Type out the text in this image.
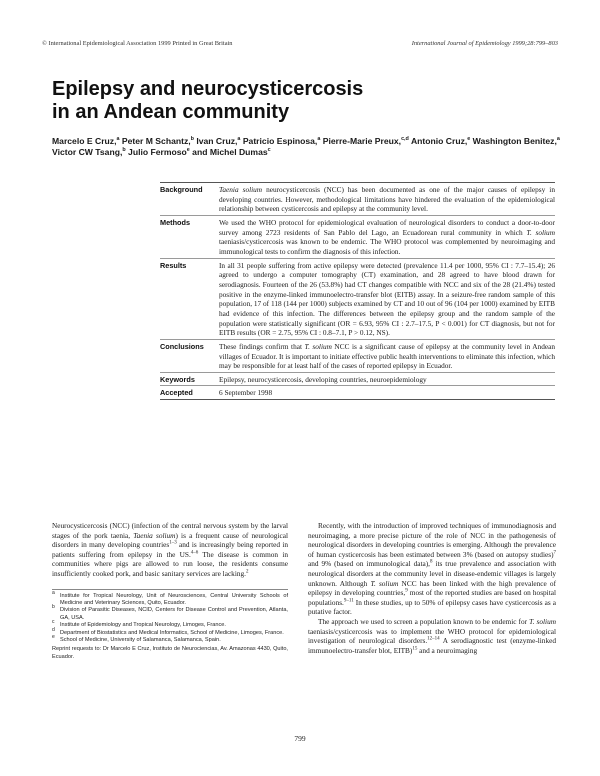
© International Epidemiological Association 1999 Printed in Great Britain	International Journal of Epidemiology 1999;28:799–803
Epilepsy and neurocysticercosis
in an Andean community
Marcelo E Cruz,$^a$ Peter M Schantz,$^b$ Ivan Cruz,$^a$ Patricio Espinosa,$^a$ Pierre-Marie Preux,$^{c,d}$ Antonio Cruz,$^e$ Washington Benitez,$^a$ Victor CW Tsang,$^b$ Julio Fermoso$^e$ and Michel Dumas$^c$
Background	Taenia solium neurocysticercosis (NCC) has been documented as one of the major causes of epilepsy in developing countries. However, methodological limitations have hindered the evaluation of the epidemiological relationship between cysticercosis and epilepsy at the community level.
Methods	We used the WHO protocol for epidemiological evaluation of neurological disorders to conduct a door-to-door survey among 2723 residents of San Pablo del Lago, an Ecuadorean rural community in which T. solium taeniasis/cysticercosis was known to be endemic. The WHO protocol was complemented by neuroimaging and immunological tests to confirm the diagnosis of this infection.
Results	In all 31 people suffering from active epilepsy were detected (prevalence 11.4 per 1000, 95% CI : 7.7–15.4); 26 agreed to undergo a computer tomography (CT) examination, and 28 agreed to have blood drawn for serodiagnosis. Fourteen of the 26 (53.8%) had CT changes compatible with NCC and six of the 28 (21.4%) tested positive in the enzyme-linked immunoelectro-transfer blot (EITB) assay. In a seizure-free random sample of this population, 17 of 118 (144 per 1000) subjects examined by CT and 10 out of 96 (104 per 1000) examined by EITB had evidence of this infection. The differences between the epilepsy group and the random sample of the population were statistically significant (OR = 6.93, 95% CI : 2.7–17.5, P < 0.001) for CT diagnosis, but not for EITB results (OR = 2.75, 95% CI : 0.8–7.1, P > 0.12, NS).
Conclusions	These findings confirm that T. solium NCC is a significant cause of epilepsy at the community level in Andean villages of Ecuador. It is important to initiate effective public health interventions to eliminate this infection, which may be responsible for at least half of the cases of reported epilepsy in Ecuador.
Keywords	Epilepsy, neurocysticercosis, developing countries, neuroepidemiology
Accepted	6 September 1998

Neurocysticercosis (NCC) (infection of the central nervous system by the larval stages of the pork taenia, Taenia solium) is a frequent cause of neurological disorders in many developing countries$^{1-3}$ and is increasingly being reported in patients suffering from epilepsy in the US.$^{4-6}$ The disease is common in communities where pigs are allowed to run loose, the residents consume insufficiently cooked pork, and basic sanitary services are lacking.$^2$

a Institute for Tropical Neurology, Unit of Neurosciences, Central University Schools of Medicine and Veterinary Sciences, Quito, Ecuador.
b Division of Parasitic Diseases, NCID, Centers for Disease Control and Prevention, Atlanta, GA, USA.
c Institute of Epidemiology and Tropical Neurology, Limoges, France.
d Department of Biostatistics and Medical Informatics, School of Medicine, Limoges, France.
e School of Medicine, University of Salamanca, Salamanca, Spain.
Reprint requests to: Dr Marcelo E Cruz, Instituto de Neurociencias, Av. Amazonas 4430, Quito, Ecuador.

Recently, with the introduction of improved techniques of immunodiagnosis and neuroimaging, a more precise picture of the role of NCC in the pathogenesis of neurological disorders in developing countries is emerging. Although the prevalence of human cysticercosis has been estimated between 3% (based on autopsy studies)$^7$ and 9% (based on immunological data),$^8$ its true prevalence and association with neurological disorders at the community level in disease-endemic villages is largely unknown. Although T. solium NCC has been linked with the high prevalence of epilepsy in developing countries,$^9$ most of the reported studies are based on hospital populations.$^{9-11}$ In these studies, up to 50% of epilepsy cases have cysticercosis as a putative factor.

The approach we used to screen a population known to be endemic for T. solium taeniasis/cysticercosis was to implement the WHO protocol for epidemiological investigation of neurological disorders.$^{12-14}$ A serodiagnostic test (enzyme-linked immunoelectro-transfer blot, EITB)$^{15}$ and a neuroimaging

799
